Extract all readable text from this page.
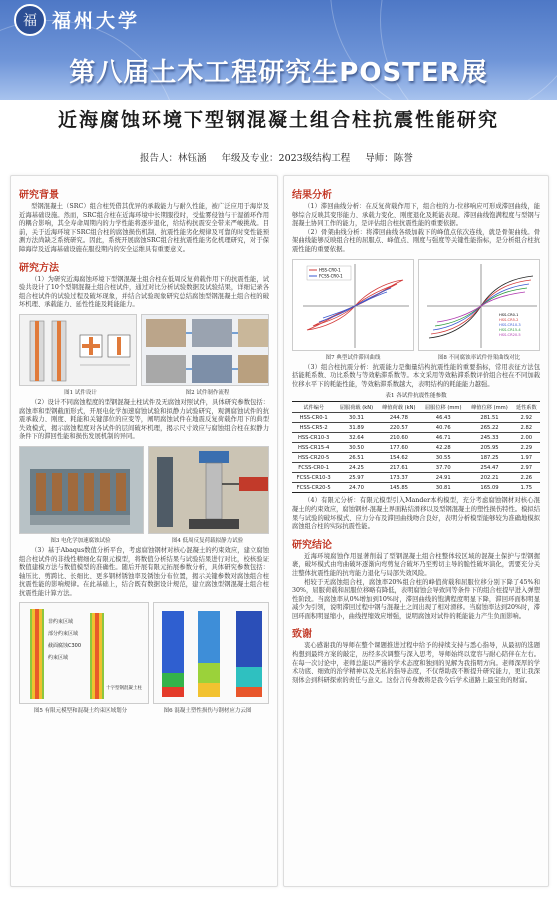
福 福州大学
第八届土木工程研究生POSTER展
近海腐蚀环境下型钢混凝土组合柱抗震性能研究
报告人：林钰涵 年级及专业：2023级结构工程 导师：陈誉
研究背景
型钢混凝土（SRC）组合柱凭借其优异的承载能力与耐久性能，被广泛应用于海岸及近海基础设施。然而，SRC组合柱在近海环境中长期服役时，受盐雾侵蚀与干湿循环作用的耦合影响，其全寿命周期内的力学性能将逐步退化，给结构抗震安全带来严峻挑战。目前，关于近海环境下SRC组合柱的腐蚀损伤机制、抗震性能劣化规律及可靠的时变性能预测方法尚缺乏系统研究。因此，系统开展腐蚀SRC组合柱抗震性能劣化机理研究，对于保障海岸及近海基础设施在服役期内的安全运维具有重要意义。
研究方法
（1）为研究近海腐蚀环境下型钢混凝土组合柱在低周反复荷载作用下的抗震性能，试验共设计了10个型钢混凝土组合柱试件，通过对比分析试验数据及试验结果，详细记录各组合柱试件的试验过程及破坏现象，并结合试验现象研究总结腐蚀型钢混凝土组合柱的破坏机理、承载能力、延性性能及耗能能力。
图1 试件设计	图2 试件制作流程
（2）设计不同腐蚀程度的型钢混凝土柱试件及无腐蚀对照试件，具体研究参数包括：腐蚀率和型钢截面形式，开展电化学加速腐蚀试验和拟静力试验研究，观测腐蚀试件的抗震承载力、刚度、耗能和关键部位的应变等，阐明腐蚀试件在地震反复荷载作用下的典型失效模式，揭示腐蚀程度对各试件的层间破坏机理，揭示尺寸效应与腐蚀组合柱在拟静力条件下的滞回性能和损伤发展机制的异同。
图3 电化学加速腐蚀试验	图4 低周反复荷载拟静力试验
（3）基于Abaqus数值分析平台，考虑腐蚀钢材对核心混凝土的约束效应，建立腐蚀组合柱试件的非线性精细化有限元模型，将数值分析结果与试验结果进行对比，校核验证数值建模方法与数值模型的准确性。随后开展有限元拓展参数分析，具体研究参数包括：轴压比、剪跨比、长细比、更多钢材锈蚀率及锈蚀分布位置，揭示关键参数对腐蚀组合柱抗震性能的影响规律。在此基础上，结合既有数据设计规范，建立腐蚀型钢混凝土组合柱抗震性能计算方法。
非约束区域
部分约束区域
截面腐蚀C300
约束区域
十字型钢混凝土柱
图5 有限元模型和混凝土约束区域划分	图6 混凝土塑性损伤与钢材应力云图
结果分析
（1）滞回曲线分析：在反复荷载作用下，组合柱的力-位移响应可形成滞回曲线，能够综合反映其变形能力、承载力变化、刚度退化及耗能表现。滞回曲线饱满程度与型钢与混凝土协同工作的能力，是评估组合柱抗震性能的重要依据。
（2）骨架曲线分析：将滞回曲线各级加载下的峰值点依次连线，就是骨架曲线。骨架曲线能够反映组合柱的屈服点、峰值点、刚度与强度等关键性能指标，是分析组合柱抗震性能的重要依据。
HSS-CR0-1
FCSS-CR0-1
HSS-CR0-1
HSS-CR5-2
HSS-CR10-3
HSS-CR15-4
HSS-CR20-5
图7 典型试件滞回曲线	图8 不同腐蚀率试件骨架曲线对比
（3）组合柱抗震分析：抗震能力是衡量结构抗震性能的重要指标，常用表征方法包括能耗系数、功比系数与等效粘滞系数等。本文采用等效粘滞系数评价组合柱在不同加载位移水平下的耗能性能，等效粘滞系数越大，表明结构的耗能能力越强。
表1 各试件抗震性能参数
试件编号	屈服荷载 (kN)	峰值荷载 (kN)	屈服位移 (mm)	峰值位移 (mm)	延性系数
HSS-CR0-1	30.31	244.78	46.43	281.51	2.92
HSS-CR5-2	31.89	220.57	40.76	265.22	2.82
HSS-CR10-3	32.64	210.60	46.71	245.33	2.00
HSS-CR15-4	30.50	177.60	42.28	205.95	2.29
HSS-CR20-5	26.51	154.62	30.55	187.25	1.97
FCSS-CR0-1	24.25	217.61	37.70	254.47	2.97
FCSS-CR10-3	25.97	173.37	24.91	202.21	2.26
FCSS-CR20-5	24.70	145.85	30.81	165.09	1.75
（4）有限元分析：有限元模型引入Mander本构模型，充分考虑腐蚀钢材对核心混凝土的约束效应，腐蚀钢材-混凝土界面粘结滑移以及型钢混凝土的塑性损伤特性。模拟结果与试验的破坏模式、应力分布及滞回曲线吻合良好，表明分析模型能够较为准确地模拟腐蚀组合柱的实际抗震性能。
研究结论
近海环境腐蚀作用显著削弱了型钢混凝土组合柱整体较区域的混凝土保护与型钢握裹，破坏模式由弯曲破坏逐渐向弯剪复合破坏乃至剪切主导的脆性破坏演化，需要充分关注整体抗震性能的抗弯能力退化与局部失效风险。
相较于无腐蚀组合柱，腐蚀率20%组合柱的峰值荷载和屈服位移分别下降了45%和30%，屈服荷载和屈服位移略有降低，表明腐蚀会导致同等条件下的组合柱提早进入弹塑性阶段。当腐蚀率从0%增加到10%时，滞回曲线的饱满程度明显下降，滞回环面积明显减少为引领，说明滞回过程中钢与混凝土之间出现了相对滑移。当腐蚀率达到20%时，滞回环面积明显缩小，曲线捏缩效应增强，说明腐蚀对试件的耗能能力产生负面影响。
致谢
衷心感谢我的导师在整个课题推进过程中给予的持续支持与悉心指导，从最初的选题构想到最终方案的敲定，历经多次调整与深入思考，导师始终以宽容与耐心陪伴在左右。在每一次讨论中，老师总能以严谨的学术态度和独到的见解为我指明方向。老师深厚的学术功底、细致的治学精神以及无私的指导态度，不仅帮助我不断提升研究能力，更让我深刻体会到科研探索的责任与意义。这份言传身教将是我今后学术道路上最宝贵的财富。
